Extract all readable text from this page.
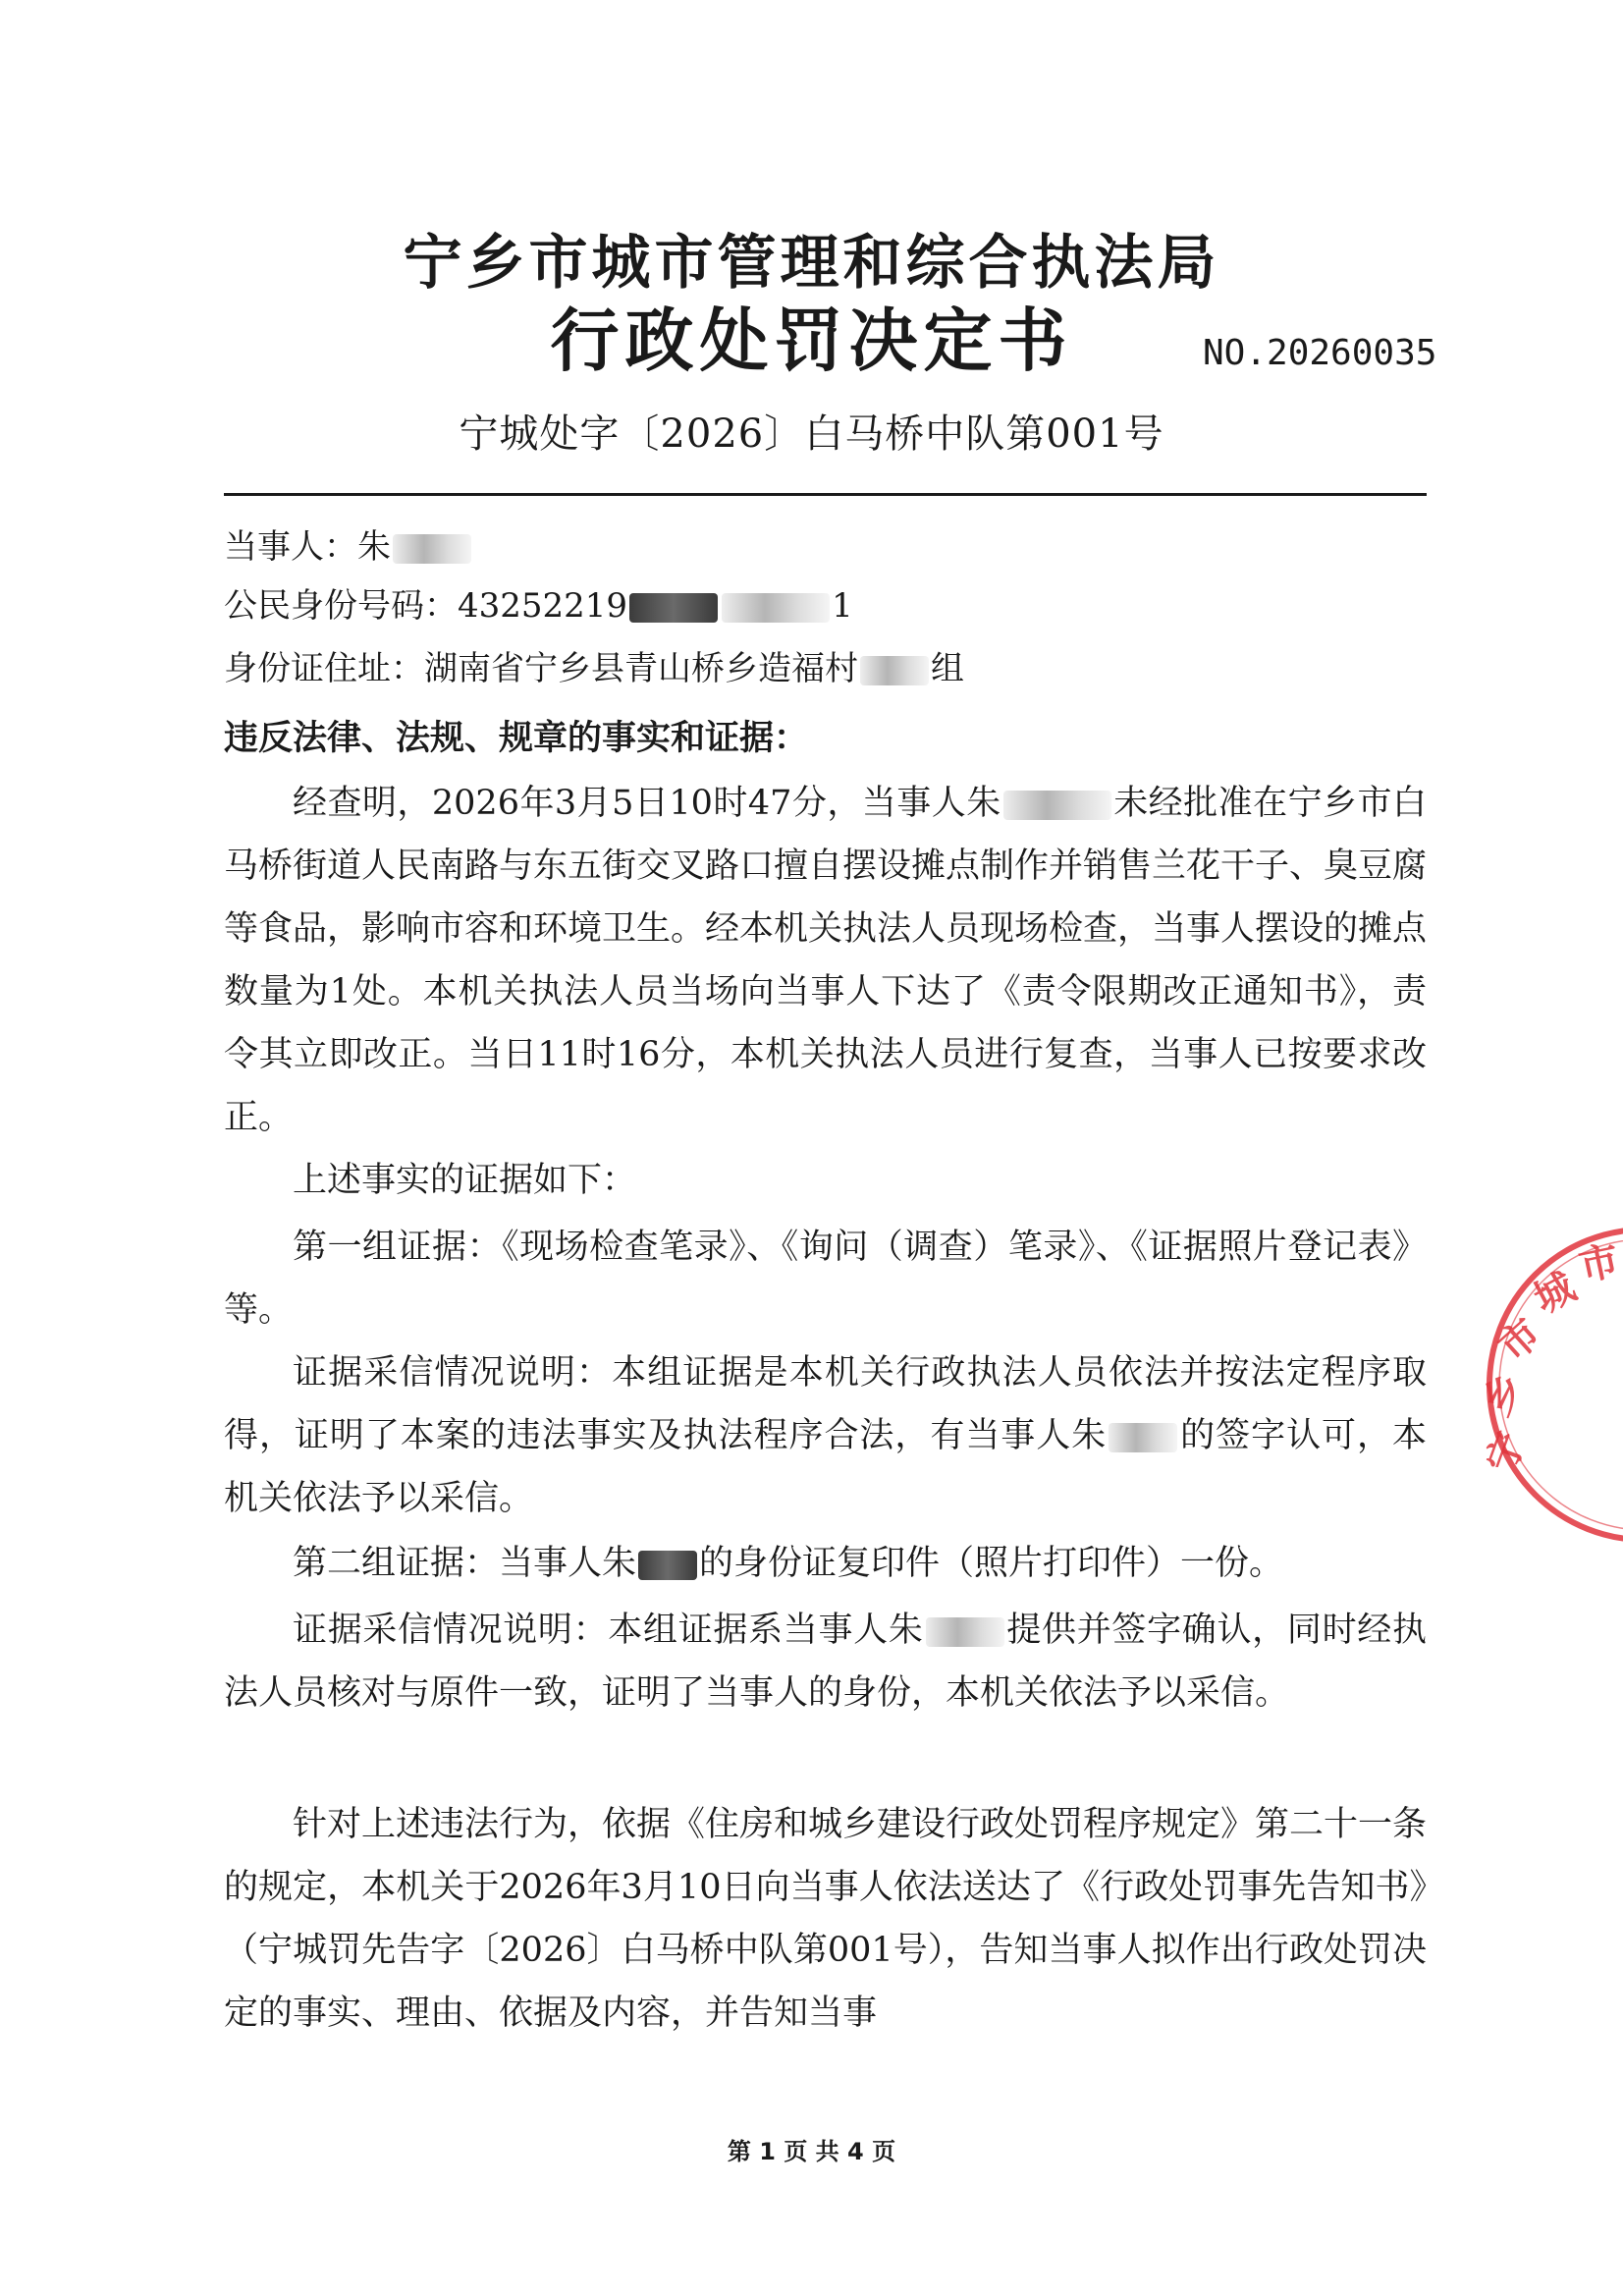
宁乡市城市管理和综合执法局
行政处罚决定书	NO.20260035
宁城处字〔2026〕白马桥中队第001号
当事人：朱
公民身份号码：43252219	1
身份证住址：湖南省宁乡县青山桥乡造福村 组
违反法律、法规、规章的事实和证据：

经查明，2026年3月5日10时47分，当事人朱	未经批准在宁乡市白马桥街道人民南路与东五街交叉路口擅自摆设摊点制作并销售兰花干子、臭豆腐等食品，影响市容和环境卫生。经本机关执法人员现场检查，当事人摆设的摊点数量为1处。本机关执法人员当场向当事人下达了《责令限期改正通知书》，责令其立即改正。当日11时16分，本机关执法人员进行复查，当事人已按要求改正。

上述事实的证据如下：

第一组证据：《现场检查笔录》、《询问（调查）笔录》、《证据照片登记表》等。

证据采信情况说明：本组证据是本机关行政执法人员依法并按法定程序取得，证明了本案的违法事实及执法程序合法，有当事人朱 的签字认可，本机关依法予以采信。

第二组证据：当事人朱 的身份证复印件（照片打印件）一份。

证据采信情况说明：本组证据系当事人朱 提供并签字确认，同时经执法人员核对与原件一致，证明了当事人的身份，本机关依法予以采信。

针对上述违法行为，依据《住房和城乡建设行政处罚程序规定》第二十一条的规定，本机关于2026年3月10日向当事人依法送达了《行政处罚事先告知书》（宁城罚先告字〔2026〕白马桥中队第001号），告知当事人拟作出行政处罚决定的事实、理由、依据及内容，并告知当事

第 1 页 共 4 页
宁
乡
市
城
市
